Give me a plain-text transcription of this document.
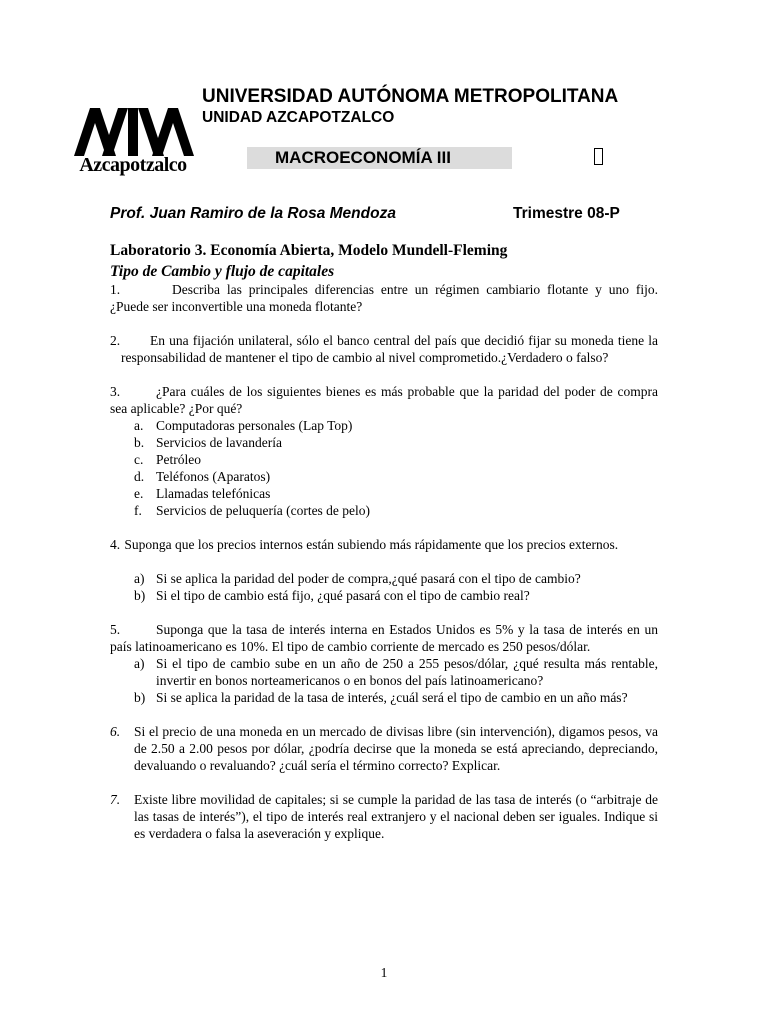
Azcapotzalco
UNIVERSIDAD AUTÓNOMA METROPOLITANA
UNIDAD AZCAPOTZALCO
MACROECONOMÍA III
Prof. Juan Ramiro de la Rosa Mendoza	Trimestre 08-P
Laboratorio 3. Economía Abierta, Modelo Mundell-Fleming
Tipo de Cambio y flujo de capitales

1.	Describa las principales diferencias entre un régimen cambiario flotante y uno fijo. ¿Puede ser inconvertible una moneda flotante?

2. En una fijación unilateral, sólo el banco central del país que decidió fijar su moneda tiene la responsabilidad de mantener el tipo de cambio al nivel comprometido.¿Verdadero o falso?

3.	¿Para cuáles de los siguientes bienes es más probable que la paridad del poder de compra sea aplicable? ¿Por qué?

a. Computadoras personales (Lap Top)
b. Servicios de lavandería
c. Petróleo
d. Teléfonos (Aparatos)
e. Llamadas telefónicas
f. Servicios de peluquería (cortes de pelo)

4. Suponga que los precios internos están subiendo más rápidamente que los precios externos.

a) Si se aplica la paridad del poder de compra,¿qué pasará con el tipo de cambio?
b) Si el tipo de cambio está fijo, ¿qué pasará con el tipo de cambio real?

5.	Suponga que la tasa de interés interna en Estados Unidos es 5% y la tasa de interés en un país latinoamericano es 10%. El tipo de cambio corriente de mercado es 250 pesos/dólar.

a) Si el tipo de cambio sube en un año de 250 a 255 pesos/dólar, ¿qué resulta más rentable, invertir en bonos norteamericanos o en bonos del país latinoamericano?
b) Si se aplica la paridad de la tasa de interés, ¿cuál será el tipo de cambio en un año más?

6. Si el precio de una moneda en un mercado de divisas libre (sin intervención), digamos pesos, va de 2.50 a 2.00 pesos por dólar, ¿podría decirse que la moneda se está apreciando, depreciando, devaluando o revaluando? ¿cuál sería el término correcto? Explicar.

7. Existe libre movilidad de capitales; si se cumple la paridad de las tasa de interés (o “arbitraje de las tasas de interés”), el tipo de interés real extranjero y el nacional deben ser iguales. Indique si es verdadera o falsa la aseveración y explique.

1
